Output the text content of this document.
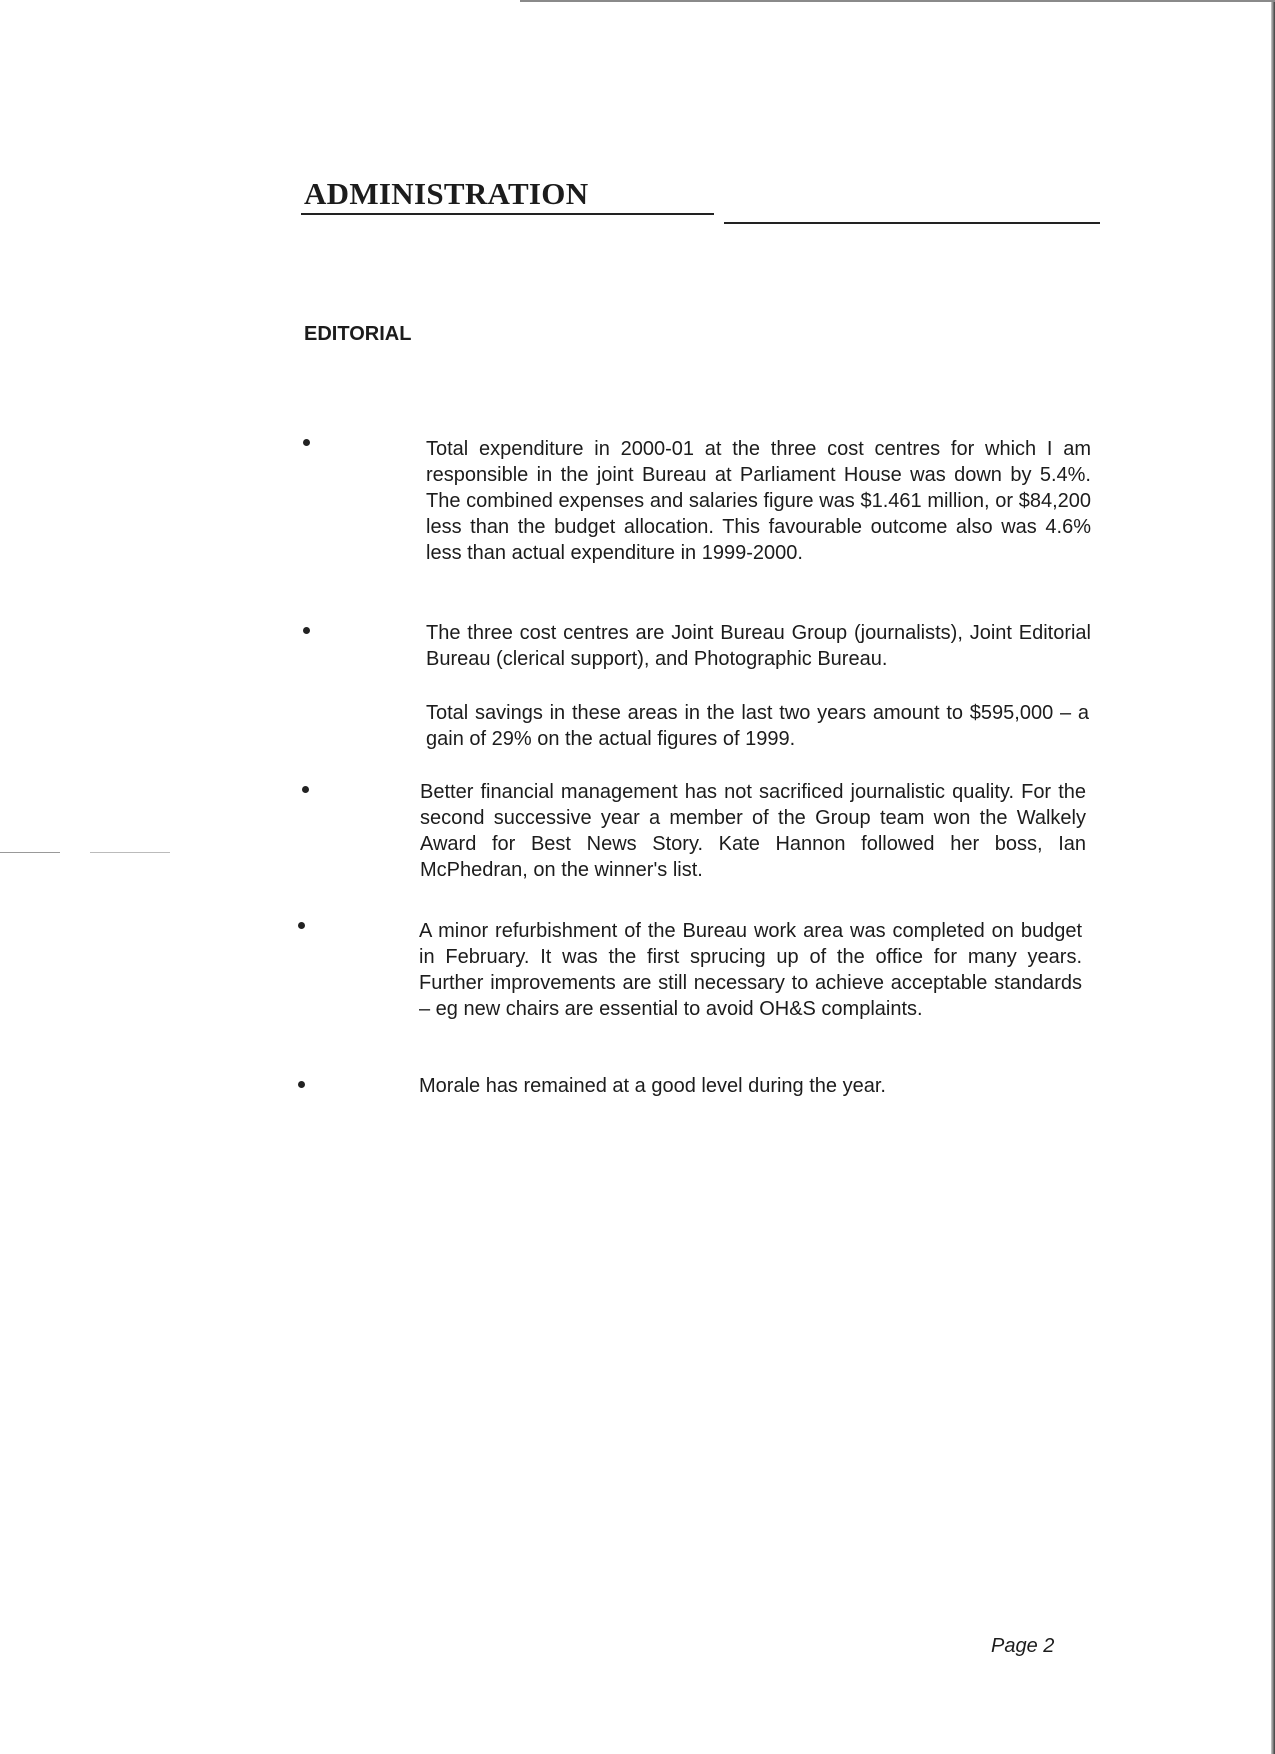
ADMINISTRATION
EDITORIAL

Total expenditure in 2000-01 at the three cost centres for which I am responsible in the joint Bureau at Parliament House was down by 5.4%. The combined expenses and salaries figure was $1.461 million, or $84,200 less than the budget allocation. This favourable outcome also was 4.6% less than actual expenditure in 1999-2000.

The three cost centres are Joint Bureau Group (journalists), Joint Editorial Bureau (clerical support), and Photographic Bureau.

Total savings in these areas in the last two years amount to $595,000 – a gain of 29% on the actual figures of 1999.

Better financial management has not sacrificed journalistic quality. For the second successive year a member of the Group team won the Walkely Award for Best News Story. Kate Hannon followed her boss, Ian McPhedran, on the winner's list.

A minor refurbishment of the Bureau work area was completed on budget in February. It was the first sprucing up of the office for many years. Further improvements are still necessary to achieve acceptable standards – eg new chairs are essential to avoid OH&S complaints.

Morale has remained at a good level during the year.

Page 2
